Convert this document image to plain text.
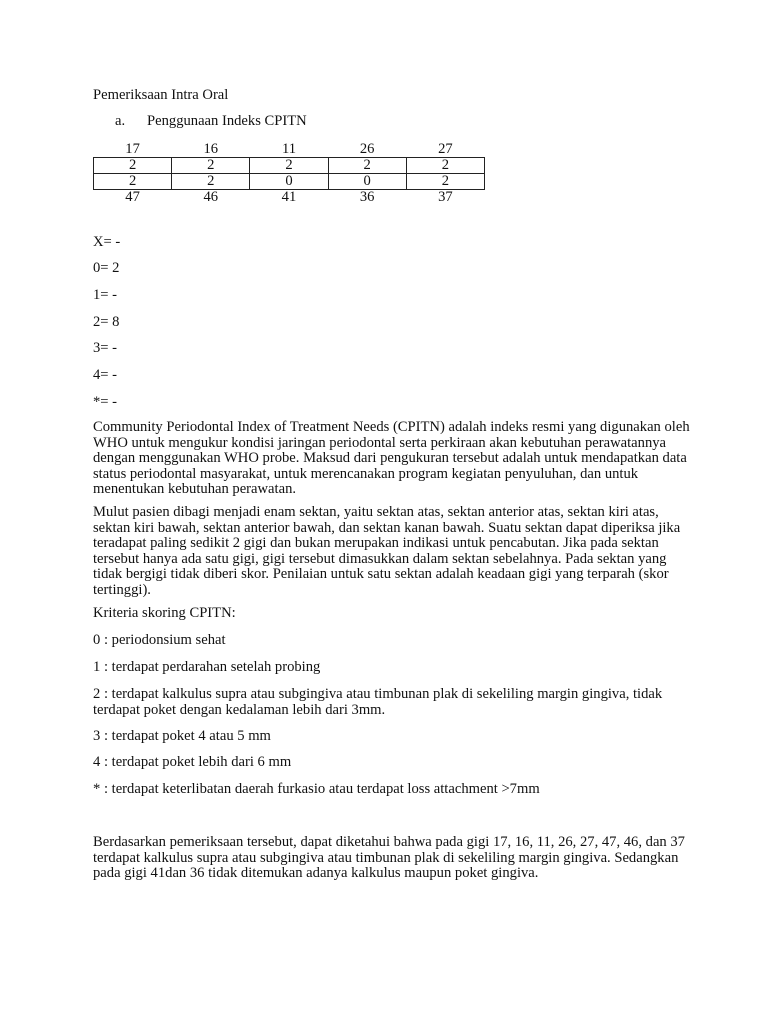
Pemeriksaan Intra Oral

a. Penggunaan Indeks CPITN

17	16	11	26	27
2	2	2	2	2
2	2	0	0	2
47	46	41	36	37

X= -

0= 2

1= -

2= 8

3= -

4= -

*= -

Community Periodontal Index of Treatment Needs (CPITN) adalah indeks resmi yang digunakan oleh WHO untuk mengukur kondisi jaringan periodontal serta perkiraan akan kebutuhan perawatannya dengan menggunakan WHO probe. Maksud dari pengukuran tersebut adalah untuk mendapatkan data status periodontal masyarakat, untuk merencanakan program kegiatan penyuluhan, dan untuk menentukan kebutuhan perawatan.

Mulut pasien dibagi menjadi enam sektan, yaitu sektan atas, sektan anterior atas, sektan kiri atas, sektan kiri bawah, sektan anterior bawah, dan sektan kanan bawah. Suatu sektan dapat diperiksa jika teradapat paling sedikit 2 gigi dan bukan merupakan indikasi untuk pencabutan. Jika pada sektan tersebut hanya ada satu gigi, gigi tersebut dimasukkan dalam sektan sebelahnya. Pada sektan yang tidak bergigi tidak diberi skor. Penilaian untuk satu sektan adalah keadaan gigi yang terparah (skor tertinggi).

Kriteria skoring CPITN:

0 : periodonsium sehat

1 : terdapat perdarahan setelah probing

2 : terdapat kalkulus supra atau subgingiva atau timbunan plak di sekeliling margin gingiva, tidak terdapat poket dengan kedalaman lebih dari 3mm.

3 : terdapat poket 4 atau 5 mm

4 : terdapat poket lebih dari 6 mm

* : terdapat keterlibatan daerah furkasio atau terdapat loss attachment >7mm

Berdasarkan pemeriksaan tersebut, dapat diketahui bahwa pada gigi 17, 16, 11, 26, 27, 47, 46, dan 37 terdapat kalkulus supra atau subgingiva atau timbunan plak di sekeliling margin gingiva. Sedangkan pada gigi 41dan 36 tidak ditemukan adanya kalkulus maupun poket gingiva.
